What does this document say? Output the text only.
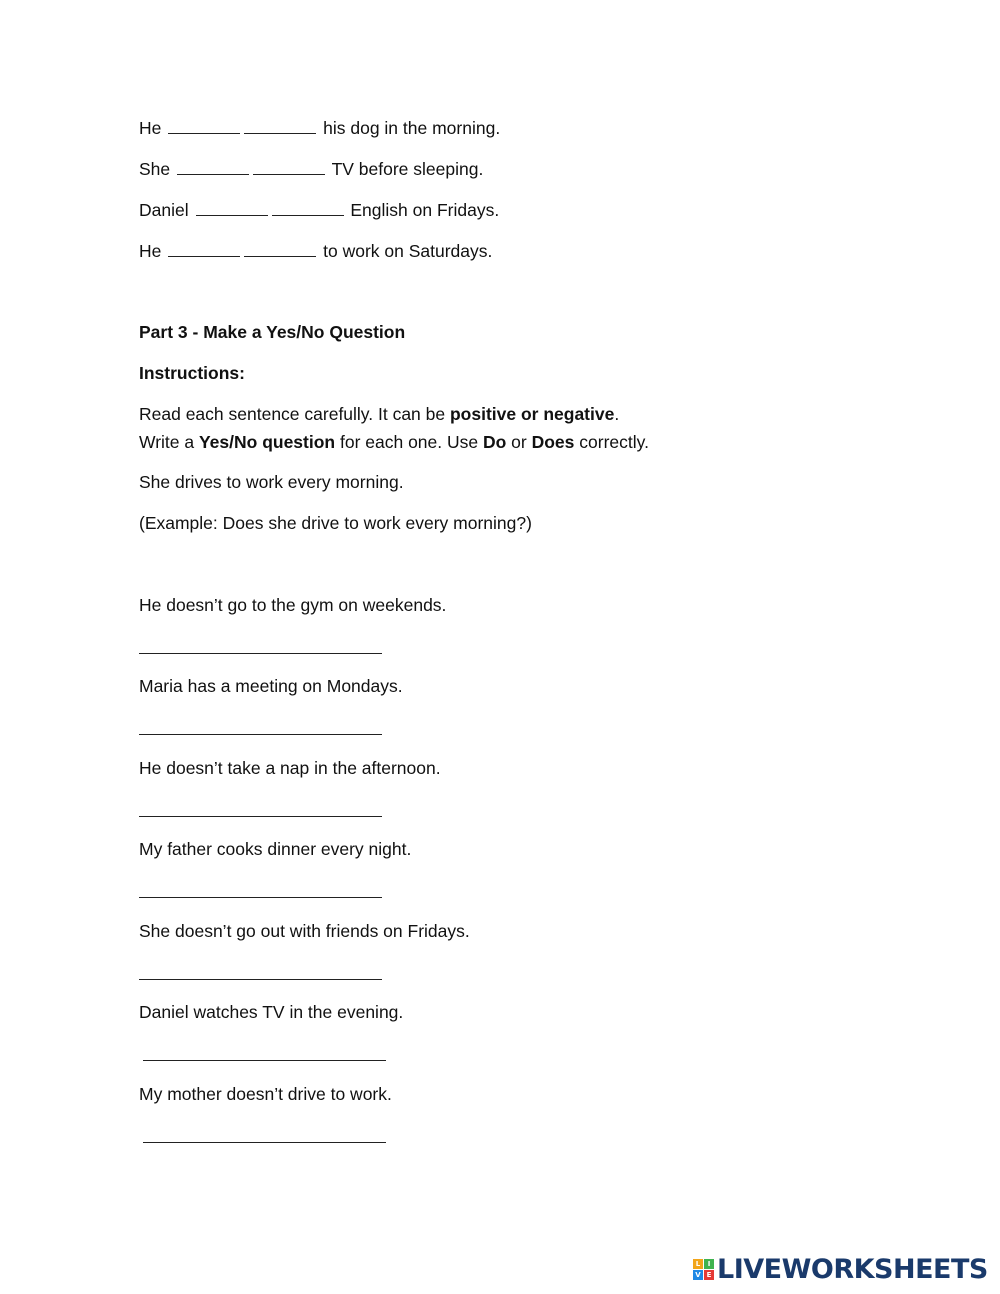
He	his dog in the morning.
She	TV before sleeping.
Daniel	English on Fridays.
He	to work on Saturdays.
Part 3 - Make a Yes/No Question
Instructions:
Read each sentence carefully. It can be positive or negative.
Write a Yes/No question for each one. Use Do or Does correctly.
She drives to work every morning.
(Example: Does she drive to work every morning?)
He doesn’t go to the gym on weekends.
Maria has a meeting on Mondays.
He doesn’t take a nap in the afternoon.
My father cooks dinner every night.
She doesn’t go out with friends on Fridays.
Daniel watches TV in the evening.
My mother doesn’t drive to work.
L	I
V E LIVEWORKSHEETS
